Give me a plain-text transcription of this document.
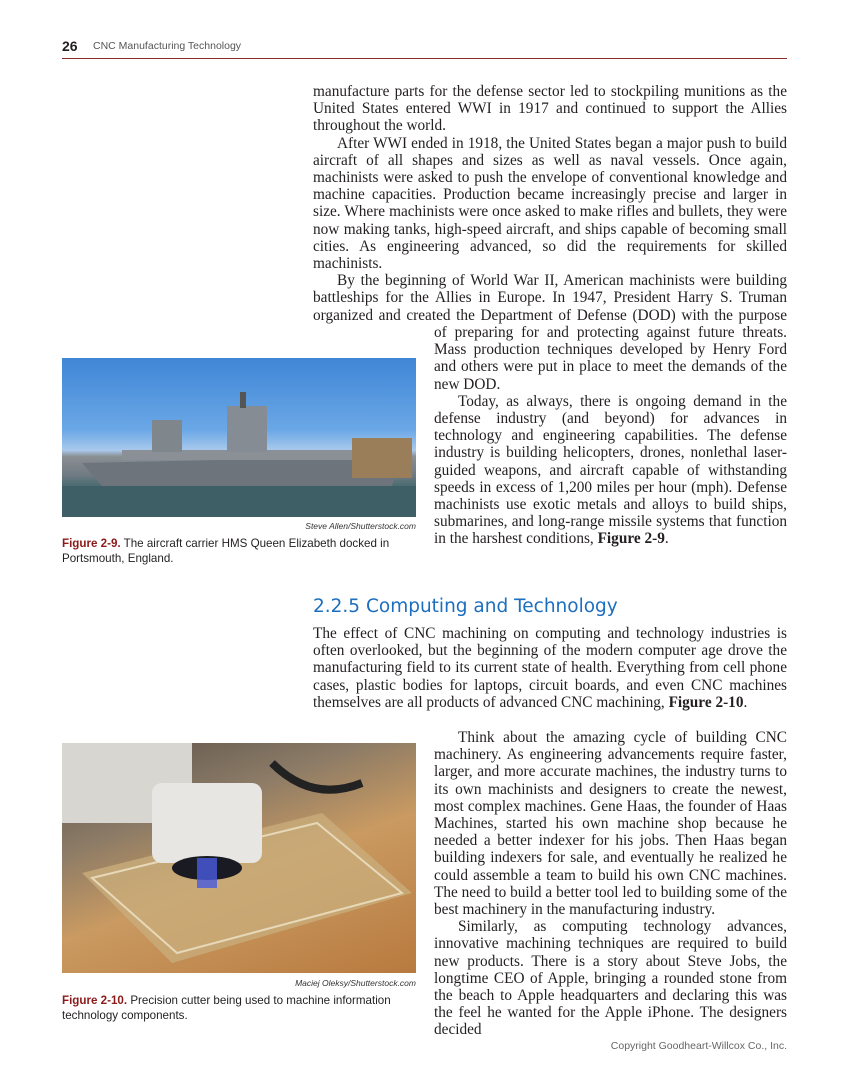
26 CNC Manufacturing Technology

manufacture parts for the defense sector led to stockpiling munitions as the United States entered WWI in 1917 and continued to support the Allies throughout the world.

After WWI ended in 1918, the United States began a major push to build aircraft of all shapes and sizes as well as naval vessels. Once again, machinists were asked to push the envelope of conventional knowledge and machine capacities. Production became increasingly precise and larger in size. Where machinists were once asked to make rifles and bullets, they were now making tanks, high-speed aircraft, and ships capable of becoming small cities. As engineering advanced, so did the requirements for skilled machinists.

By the beginning of World War II, American machinists were building battleships for the Allies in Europe. In 1947, President Harry S. Truman organized and created the Department of Defense (DOD) with the purpose

of preparing for and protecting against future threats. Mass production techniques developed by Henry Ford and others were put in place to meet the demands of the new DOD.

Today, as always, there is ongoing demand in the defense industry (and beyond) for advances in technology and engineering capabilities. The defense industry is building helicopters, drones, nonlethal laser-guided weapons, and aircraft capable of withstanding speeds in excess of 1,200 miles per hour (mph). Defense machinists use exotic metals and alloys to build ships, submarines, and long-range missile systems that function in the harshest conditions, Figure 2-9.

Steve Allen/Shutterstock.com
Figure 2-9. The aircraft carrier HMS Queen Elizabeth docked in Portsmouth, England.
2.2.5 Computing and Technology

The effect of CNC machining on computing and technology industries is often overlooked, but the beginning of the modern computer age drove the manufacturing field to its current state of health. Everything from cell phone cases, plastic bodies for laptops, circuit boards, and even CNC machines themselves are all products of advanced CNC machining, Figure 2-10.

Think about the amazing cycle of building CNC machinery. As engineering advancements require faster, larger, and more accurate machines, the industry turns to its own machinists and designers to create the newest, most complex machines. Gene Haas, the founder of Haas Machines, started his own machine shop because he needed a better indexer for his jobs. Then Haas began building indexers for sale, and eventually he realized he could assemble a team to build his own CNC machines. The need to build a better tool led to building some of the best machinery in the manufacturing industry.

Similarly, as computing technology advances, innovative machining techniques are required to build new products. There is a story about Steve Jobs, the longtime CEO of Apple, bringing a rounded stone from the beach to Apple headquarters and declaring this was the feel he wanted for the Apple iPhone. The designers decided

Maciej Oleksy/Shutterstock.com
Figure 2-10. Precision cutter being used to machine information technology components.
Copyright Goodheart-Willcox Co., Inc.
